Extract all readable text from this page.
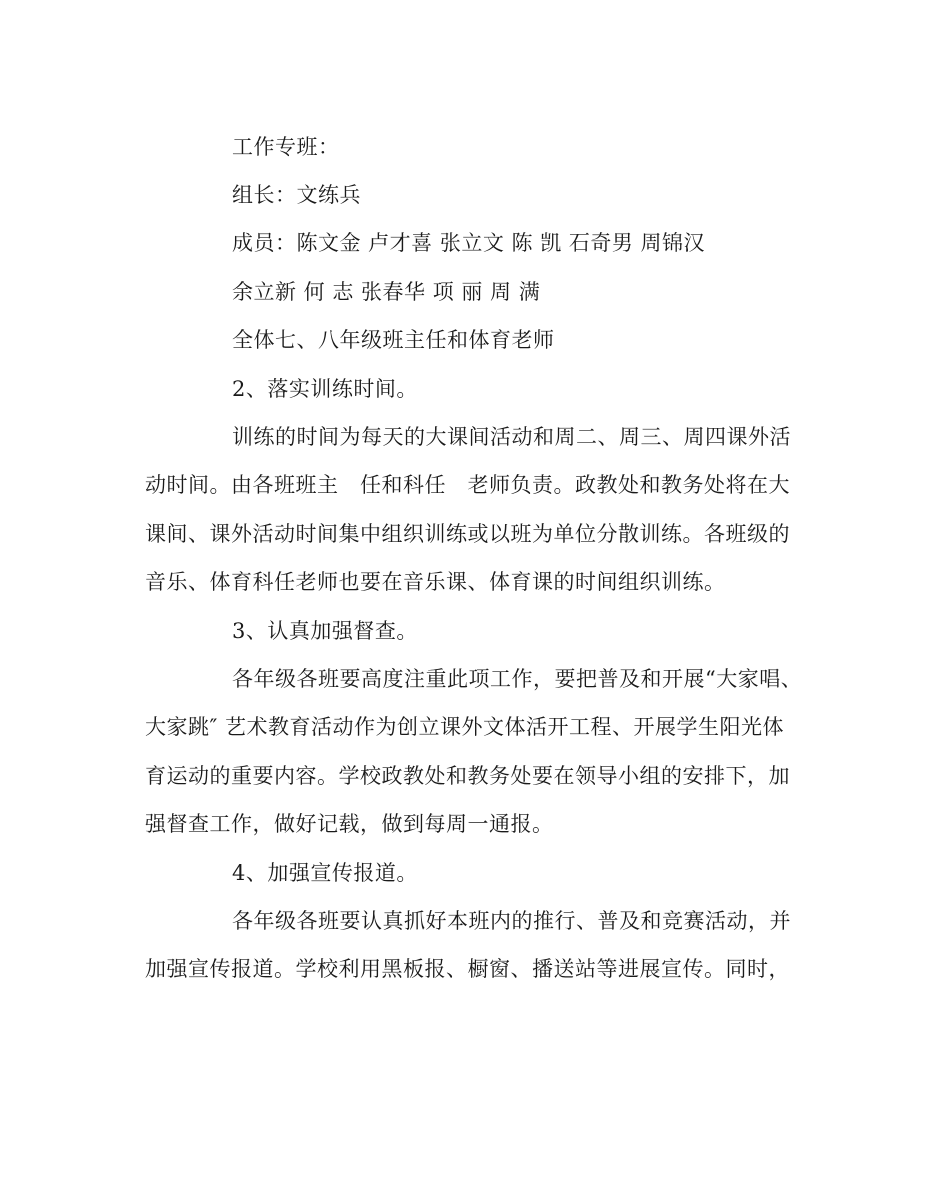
工作专班：
组长：文练兵
成员：陈文金 卢才喜 张立文 陈 凯 石奇男 周锦汉
余立新 何 志 张春华 项 丽 周 满
全体七、八年级班主任和体育老师
2、落实训练时间。
训练的时间为每天的大课间活动和周二、周三、周四课外活
动时间。由各班班主　任和科任　老师负责。政教处和教务处将在大
课间、课外活动时间集中组织训练或以班为单位分散训练。各班级的
音乐、体育科任老师也要在音乐课、体育课的时间组织训练。
3、认真加强督查。
各年级各班要高度注重此项工作，要把普及和开展“大家唱、
大家跳″ 艺术教育活动作为创立课外文体活开工程、开展学生阳光体
育运动的重要内容。学校政教处和教务处要在领导小组的安排下，加
强督查工作，做好记载，做到每周一通报。
4、加强宣传报道。
各年级各班要认真抓好本班内的推行、普及和竞赛活动，并
加强宣传报道。学校利用黑板报、橱窗、播送站等进展宣传。同时，
